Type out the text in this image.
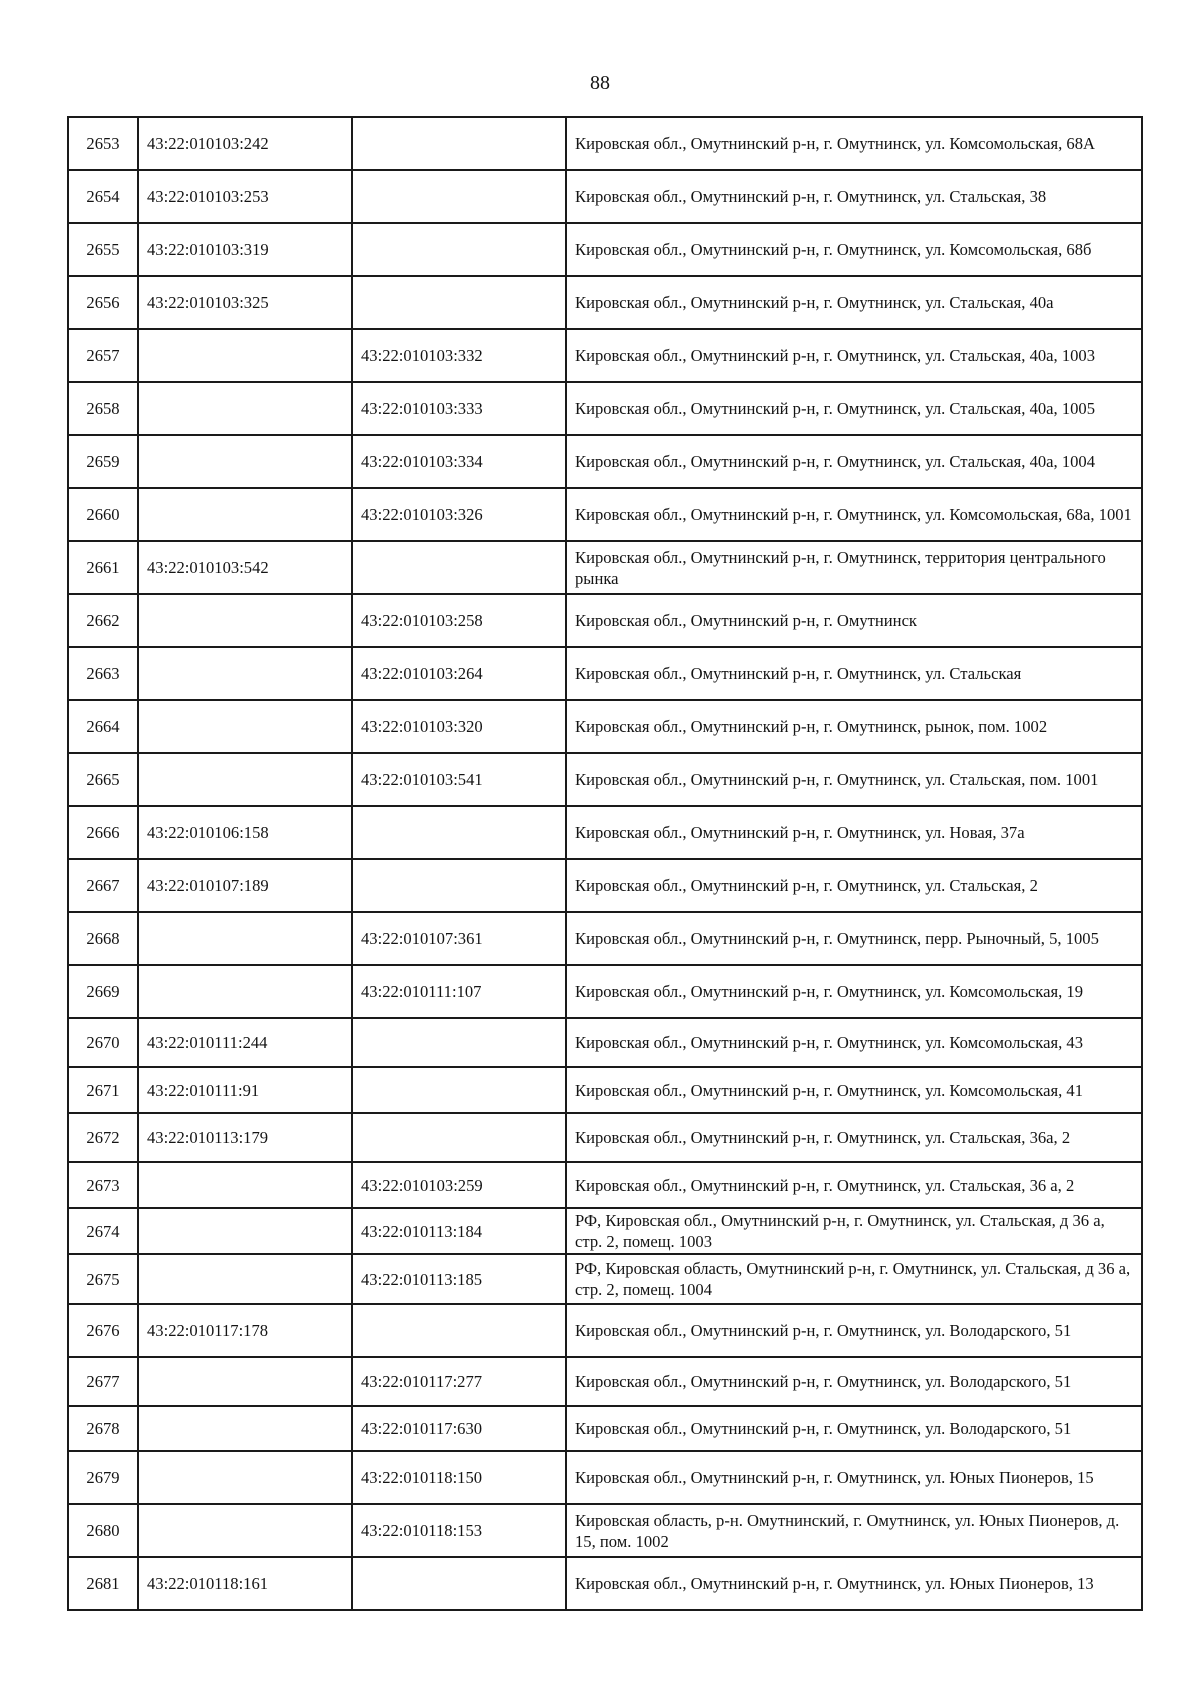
88
2653	43:22:010103:242		Кировская обл., Омутнинский р-н, г. Омутнинск, ул. Комсомольская, 68А
2654	43:22:010103:253		Кировская обл., Омутнинский р-н, г. Омутнинск, ул. Стальская, 38
2655	43:22:010103:319		Кировская обл., Омутнинский р-н, г. Омутнинск, ул. Комсомольская, 68б
2656	43:22:010103:325		Кировская обл., Омутнинский р-н, г. Омутнинск, ул. Стальская, 40а
2657		43:22:010103:332	Кировская обл., Омутнинский р-н, г. Омутнинск, ул. Стальская, 40а, 1003
2658		43:22:010103:333	Кировская обл., Омутнинский р-н, г. Омутнинск, ул. Стальская, 40а, 1005
2659		43:22:010103:334	Кировская обл., Омутнинский р-н, г. Омутнинск, ул. Стальская, 40а, 1004
2660		43:22:010103:326	Кировская обл., Омутнинский р-н, г. Омутнинск, ул. Комсомольская, 68а, 1001
2661	43:22:010103:542		Кировская обл., Омутнинский р-н, г. Омутнинск, территория центрального рынка
2662		43:22:010103:258	Кировская обл., Омутнинский р-н, г. Омутнинск
2663		43:22:010103:264	Кировская обл., Омутнинский р-н, г. Омутнинск, ул. Стальская
2664		43:22:010103:320	Кировская обл., Омутнинский р-н, г. Омутнинск, рынок, пом. 1002
2665		43:22:010103:541	Кировская обл., Омутнинский р-н, г. Омутнинск, ул. Стальская, пом. 1001
2666	43:22:010106:158		Кировская обл., Омутнинский р-н, г. Омутнинск, ул. Новая, 37а
2667	43:22:010107:189		Кировская обл., Омутнинский р-н, г. Омутнинск, ул. Стальская, 2
2668		43:22:010107:361	Кировская обл., Омутнинский р-н, г. Омутнинск, перр. Рыночный, 5, 1005
2669		43:22:010111:107	Кировская обл., Омутнинский р-н, г. Омутнинск, ул. Комсомольская, 19
2670	43:22:010111:244		Кировская обл., Омутнинский р-н, г. Омутнинск, ул. Комсомольская, 43
2671	43:22:010111:91		Кировская обл., Омутнинский р-н, г. Омутнинск, ул. Комсомольская, 41
2672	43:22:010113:179		Кировская обл., Омутнинский р-н, г. Омутнинск, ул. Стальская, 36а, 2
2673		43:22:010103:259	Кировская обл., Омутнинский р-н, г. Омутнинск, ул. Стальская, 36 а, 2
2674		43:22:010113:184	РФ, Кировская обл., Омутнинский р-н, г. Омутнинск, ул. Стальская, д 36 а, стр. 2, помещ. 1003
2675		43:22:010113:185	РФ, Кировская область, Омутнинский р-н, г. Омутнинск, ул. Стальская, д 36 а, стр. 2, помещ. 1004
2676	43:22:010117:178		Кировская обл., Омутнинский р-н, г. Омутнинск, ул. Володарского, 51
2677		43:22:010117:277	Кировская обл., Омутнинский р-н, г. Омутнинск, ул. Володарского, 51
2678		43:22:010117:630	Кировская обл., Омутнинский р-н, г. Омутнинск, ул. Володарского, 51
2679		43:22:010118:150	Кировская обл., Омутнинский р-н, г. Омутнинск, ул. Юных Пионеров, 15
2680		43:22:010118:153	Кировская область, р-н. Омутнинский, г. Омутнинск, ул. Юных Пионеров, д. 15, пом. 1002
2681	43:22:010118:161		Кировская обл., Омутнинский р-н, г. Омутнинск, ул. Юных Пионеров, 13
